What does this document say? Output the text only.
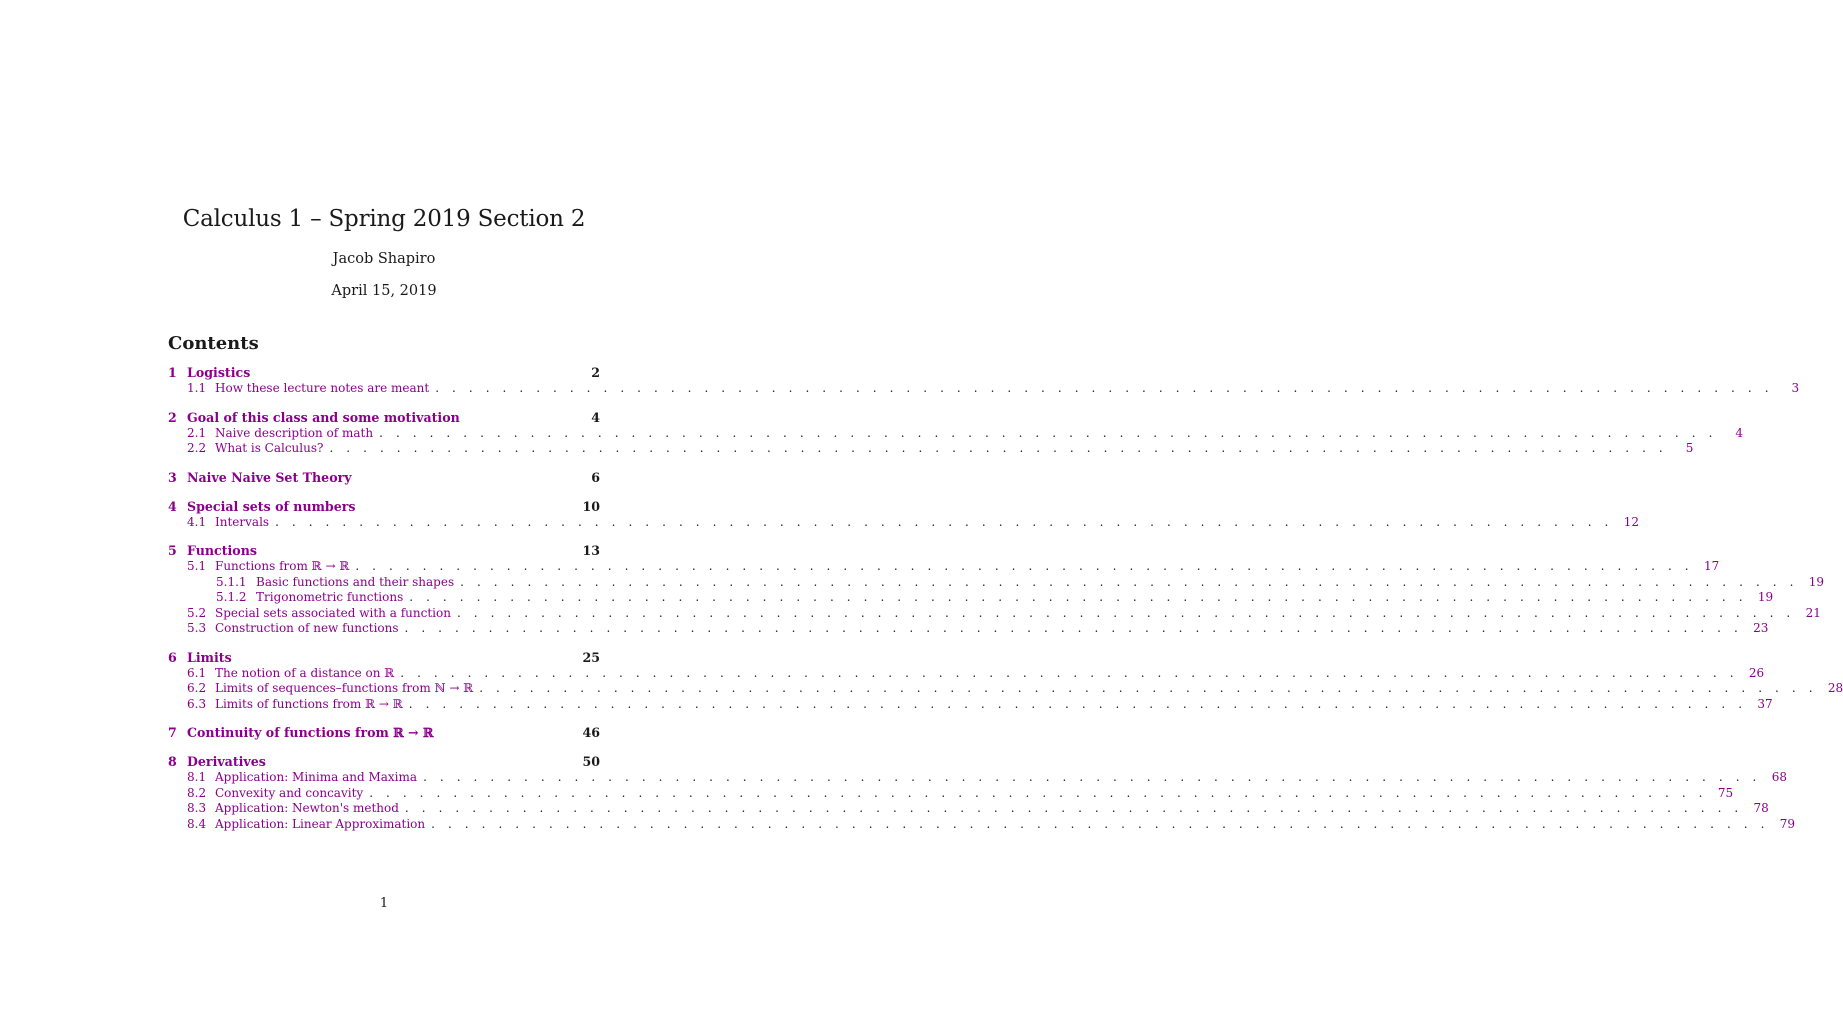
Calculus 1 – Spring 2019 Section 2
Jacob Shapiro
April 15, 2019
Contents
1 Logistics	2
1.1 How these lecture notes are meant . . . . . . . . . . . . . . . . . . . . . . . . . . . . . . . . . . . . . . . . . . . . . . . . . . . . . . . . . . . . . . . . . . . . . . . . . . . . . . . .	3
2 Goal of this class and some motivation	4
2.1 Naive description of math . . . . . . . . . . . . . . . . . . . . . . . . . . . . . . . . . . . . . . . . . . . . . . . . . . . . . . . . . . . . . . . . . . . . . . . . . . . . . . . .	4
2.2 What is Calculus? . . . . . . . . . . . . . . . . . . . . . . . . . . . . . . . . . . . . . . . . . . . . . . . . . . . . . . . . . . . . . . . . . . . . . . . . . . . . . . . .	5
3 Naive Naive Set Theory	6
4 Special sets of numbers	10
4.1 Intervals . . . . . . . . . . . . . . . . . . . . . . . . . . . . . . . . . . . . . . . . . . . . . . . . . . . . . . . . . . . . . . . . . . . . . . . . . . . . . . . . 12
5 Functions	13
5.1 Functions from ℝ → ℝ . . . . . . . . . . . . . . . . . . . . . . . . . . . . . . . . . . . . . . . . . . . . . . . . . . . . . . . . . . . . . . . . . . . . . . . . . . . . . . . . 17
5.1.1 Basic functions and their shapes . . . . . . . . . . . . . . . . . . . . . . . . . . . . . . . . . . . . . . . . . . . . . . . . . . . . . . . . . . . . . . . . . . . . . . . . . . . . . . . . 19
5.1.2 Trigonometric functions . . . . . . . . . . . . . . . . . . . . . . . . . . . . . . . . . . . . . . . . . . . . . . . . . . . . . . . . . . . . . . . . . . . . . . . . . . . . . . . . 19
5.2 Special sets associated with a function . . . . . . . . . . . . . . . . . . . . . . . . . . . . . . . . . . . . . . . . . . . . . . . . . . . . . . . . . . . . . . . . . . . . . . . . . . . . . . . . 21
5.3 Construction of new functions . . . . . . . . . . . . . . . . . . . . . . . . . . . . . . . . . . . . . . . . . . . . . . . . . . . . . . . . . . . . . . . . . . . . . . . . . . . . . . . . 23
6 Limits	25
6.1 The notion of a distance on ℝ . . . . . . . . . . . . . . . . . . . . . . . . . . . . . . . . . . . . . . . . . . . . . . . . . . . . . . . . . . . . . . . . . . . . . . . . . . . . . . . . 26
6.2 Limits of sequences–functions from ℕ → ℝ . . . . . . . . . . . . . . . . . . . . . . . . . . . . . . . . . . . . . . . . . . . . . . . . . . . . . . . . . . . . . . . . . . . . . . . . . . . . . . . . 28
6.3 Limits of functions from ℝ → ℝ . . . . . . . . . . . . . . . . . . . . . . . . . . . . . . . . . . . . . . . . . . . . . . . . . . . . . . . . . . . . . . . . . . . . . . . . . . . . . . . . 37
7 Continuity of functions from ℝ → ℝ	46
8 Derivatives	50
8.1 Application: Minima and Maxima . . . . . . . . . . . . . . . . . . . . . . . . . . . . . . . . . . . . . . . . . . . . . . . . . . . . . . . . . . . . . . . . . . . . . . . . . . . . . . . . 68
8.2 Convexity and concavity . . . . . . . . . . . . . . . . . . . . . . . . . . . . . . . . . . . . . . . . . . . . . . . . . . . . . . . . . . . . . . . . . . . . . . . . . . . . . . . . 75
8.3 Application: Newton's method . . . . . . . . . . . . . . . . . . . . . . . . . . . . . . . . . . . . . . . . . . . . . . . . . . . . . . . . . . . . . . . . . . . . . . . . . . . . . . . . 78
8.4 Application: Linear Approximation . . . . . . . . . . . . . . . . . . . . . . . . . . . . . . . . . . . . . . . . . . . . . . . . . . . . . . . . . . . . . . . . . . . . . . . . . . . . . . . . 79
1
